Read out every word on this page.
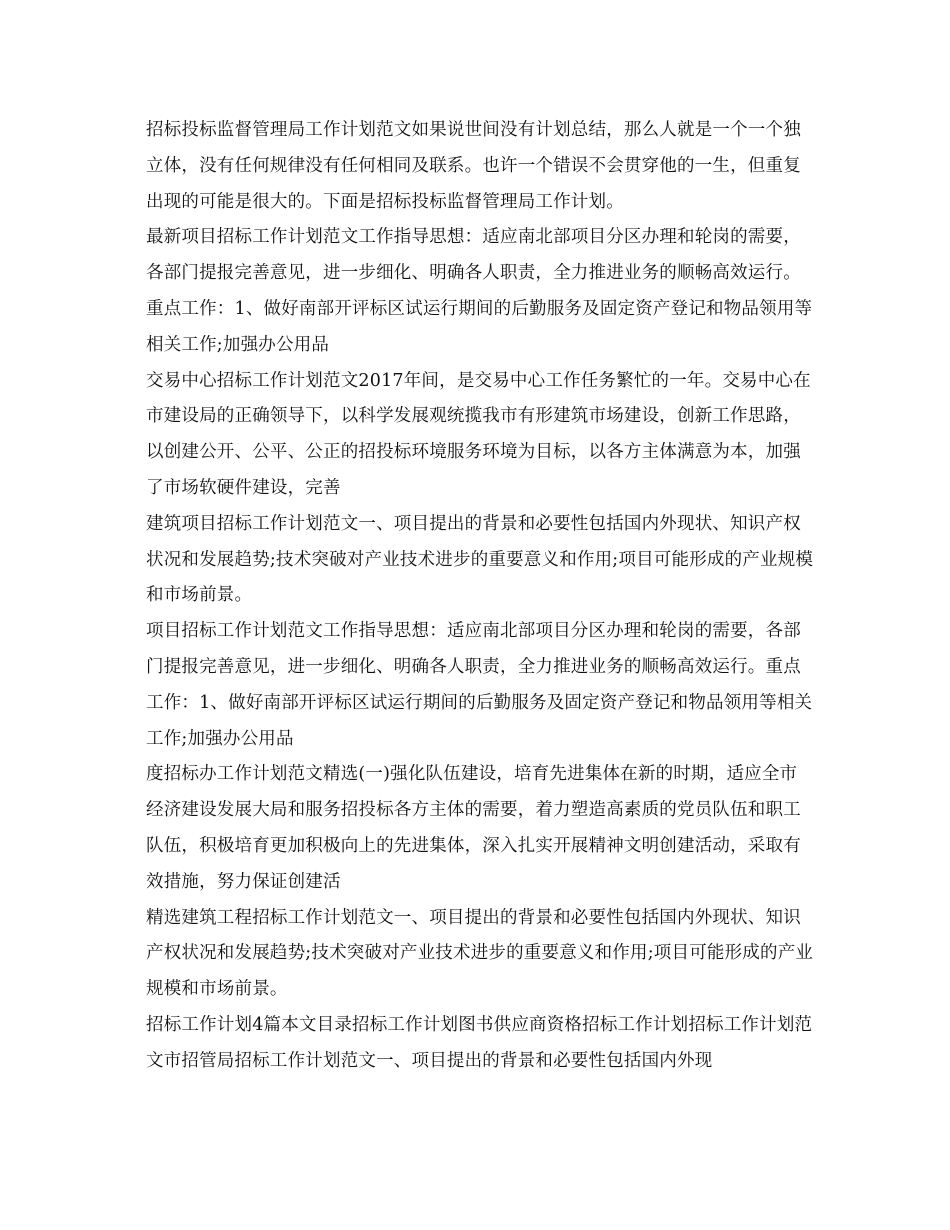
招标投标监督管理局工作计划范文如果说世间没有计划总结，那么人就是一个一个独立体，没有任何规律没有任何相同及联系。也许一个错误不会贯穿他的一生，但重复出现的可能是很大的。下面是招标投标监督管理局工作计划。

最新项目招标工作计划范文工作指导思想：适应南北部项目分区办理和轮岗的需要，各部门提报完善意见，进一步细化、明确各人职责，全力推进业务的顺畅高效运行。重点工作：1、做好南部开评标区试运行期间的后勤服务及固定资产登记和物品领用等相关工作;加强办公用品

交易中心招标工作计划范文2017年间，是交易中心工作任务繁忙的一年。交易中心在市建设局的正确领导下，以科学发展观统揽我市有形建筑市场建设，创新工作思路，以创建公开、公平、公正的招投标环境服务环境为目标，以各方主体满意为本，加强了市场软硬件建设，完善

建筑项目招标工作计划范文一、项目提出的背景和必要性包括国内外现状、知识产权状况和发展趋势;技术突破对产业技术进步的重要意义和作用;项目可能形成的产业规模和市场前景。

项目招标工作计划范文工作指导思想：适应南北部项目分区办理和轮岗的需要，各部门提报完善意见，进一步细化、明确各人职责，全力推进业务的顺畅高效运行。重点工作：1、做好南部开评标区试运行期间的后勤服务及固定资产登记和物品领用等相关工作;加强办公用品

度招标办工作计划范文精选(一)强化队伍建设，培育先进集体在新的时期，适应全市经济建设发展大局和服务招投标各方主体的需要，着力塑造高素质的党员队伍和职工队伍，积极培育更加积极向上的先进集体，深入扎实开展精神文明创建活动，采取有效措施，努力保证创建活

精选建筑工程招标工作计划范文一、项目提出的背景和必要性包括国内外现状、知识产权状况和发展趋势;技术突破对产业技术进步的重要意义和作用;项目可能形成的产业规模和市场前景。

招标工作计划4篇本文目录招标工作计划图书供应商资格招标工作计划招标工作计划范文市招管局招标工作计划范文一、项目提出的背景和必要性包括国内外现
